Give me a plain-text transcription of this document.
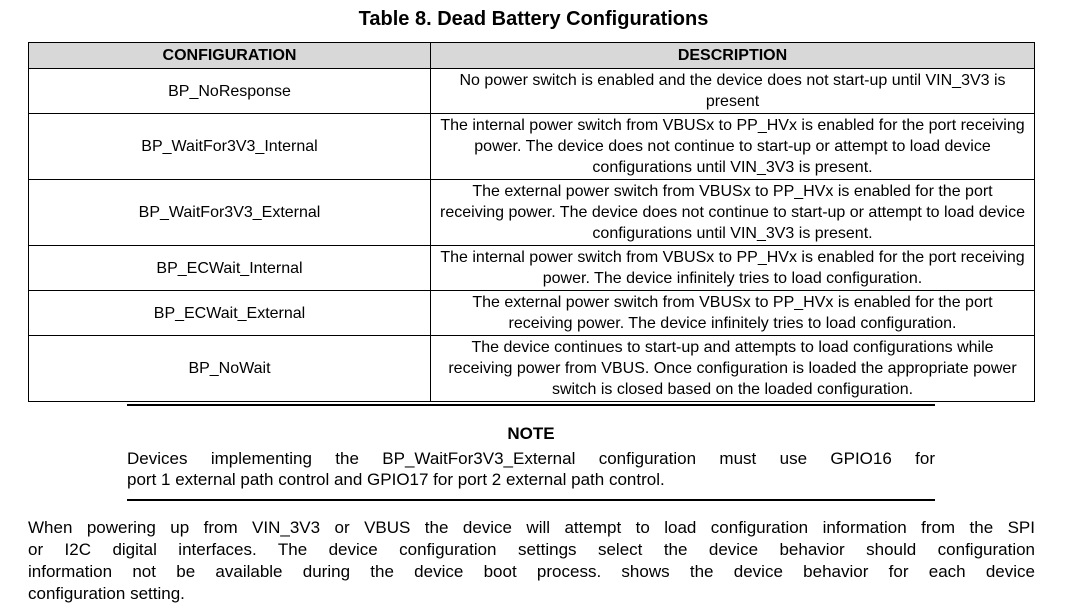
Table 8. Dead Battery Configurations
CONFIGURATION	DESCRIPTION
BP_NoResponse
No power switch is enabled and the device does not start-up until VIN_3V3 is
present
BP_WaitFor3V3_Internal
The internal power switch from VBUSx to PP_HVx is enabled for the port receiving
power. The device does not continue to start-up or attempt to load device
configurations until VIN_3V3 is present.
BP_WaitFor3V3_External
The external power switch from VBUSx to PP_HVx is enabled for the port
receiving power. The device does not continue to start-up or attempt to load device
configurations until VIN_3V3 is present.
BP_ECWait_Internal
The internal power switch from VBUSx to PP_HVx is enabled for the port receiving
power. The device infinitely tries to load configuration.
BP_ECWait_External
The external power switch from VBUSx to PP_HVx is enabled for the port
receiving power. The device infinitely tries to load configuration.
BP_NoWait
The device continues to start-up and attempts to load configurations while
receiving power from VBUS. Once configuration is loaded the appropriate power
switch is closed based on the loaded configuration.
NOTE
Devices implementing the BP_WaitFor3V3_External configuration must use GPIO16 for
port 1 external path control and GPIO17 for port 2 external path control.
When powering up from VIN_3V3 or VBUS the device will attempt to load configuration information from the SPI
or I2C digital interfaces. The device configuration settings select the device behavior should configuration
information not be available during the device boot process. shows the device behavior for each device
configuration setting.
